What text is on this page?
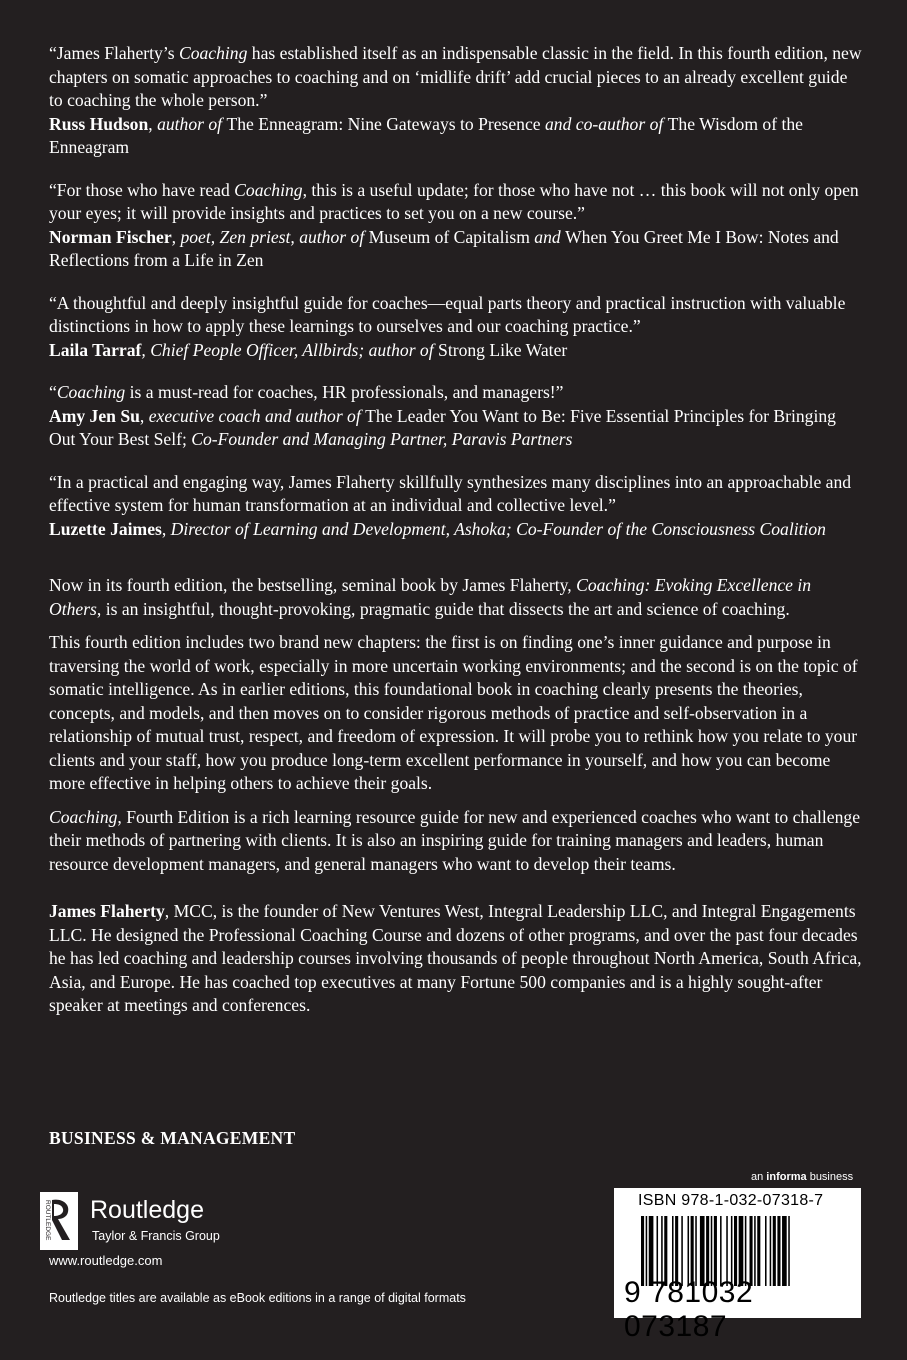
“James Flaherty’s Coaching has established itself as an indispensable classic in the field. In this fourth edition, new chapters on somatic approaches to coaching and on ‘midlife drift’ add crucial pieces to an already excellent guide to coaching the whole person.”
Russ Hudson, author of The Enneagram: Nine Gateways to Presence and co-author of The Wisdom of the Enneagram
“For those who have read Coaching, this is a useful update; for those who have not … this book will not only open your eyes; it will provide insights and practices to set you on a new course.”
Norman Fischer, poet, Zen priest, author of Museum of Capitalism and When You Greet Me I Bow: Notes and Reflections from a Life in Zen
“A thoughtful and deeply insightful guide for coaches—equal parts theory and practical instruction with valuable distinctions in how to apply these learnings to ourselves and our coaching practice.”
Laila Tarraf, Chief People Officer, Allbirds; author of Strong Like Water
“Coaching is a must-read for coaches, HR professionals, and managers!”
Amy Jen Su, executive coach and author of The Leader You Want to Be: Five Essential Principles for Bringing Out Your Best Self; Co-Founder and Managing Partner, Paravis Partners
“In a practical and engaging way, James Flaherty skillfully synthesizes many disciplines into an approachable and effective system for human transformation at an individual and collective level.”
Luzette Jaimes, Director of Learning and Development, Ashoka; Co-Founder of the Consciousness Coalition

Now in its fourth edition, the bestselling, seminal book by James Flaherty, Coaching: Evoking Excellence in Others, is an insightful, thought-provoking, pragmatic guide that dissects the art and science of coaching.

This fourth edition includes two brand new chapters: the first is on finding one’s inner guidance and purpose in traversing the world of work, especially in more uncertain working environments; and the second is on the topic of somatic intelligence. As in earlier editions, this foundational book in coaching clearly presents the theories, concepts, and models, and then moves on to consider rigorous methods of practice and self-observation in a relationship of mutual trust, respect, and freedom of expression. It will probe you to rethink how you relate to your clients and your staff, how you produce long-term excellent performance in yourself, and how you can become more effective in helping others to achieve their goals.

Coaching, Fourth Edition is a rich learning resource guide for new and experienced coaches who want to challenge their methods of partnering with clients. It is also an inspiring guide for training managers and leaders, human resource development managers, and general managers who want to develop their teams.

James Flaherty, MCC, is the founder of New Ventures West, Integral Leadership LLC, and Integral Engagements LLC. He designed the Professional Coaching Course and dozens of other programs, and over the past four decades he has led coaching and leadership courses involving thousands of people throughout North America, South Africa, Asia, and Europe. He has coached top executives at many Fortune 500 companies and is a highly sought-after speaker at meetings and conferences.

BUSINESS & MANAGEMENT
an informa business
ROUTLEDGE Routledge
Taylor & Francis Group
www.routledge.com
Routledge titles are available as eBook editions in a range of digital formats
ISBN 978-1-032-07318-7
9 781032 073187
